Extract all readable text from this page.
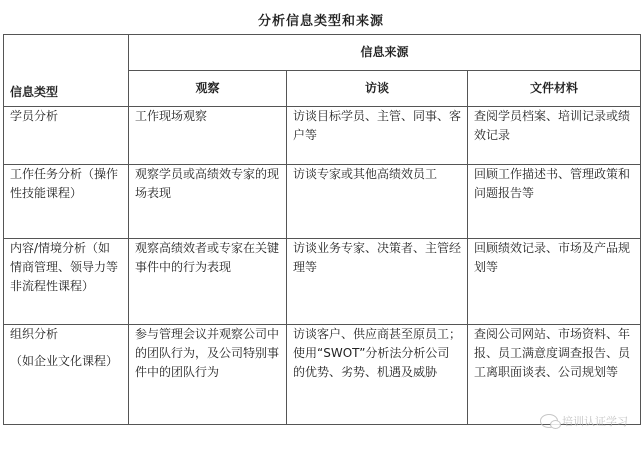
分析信息类型和来源
信息类型	信息来源		
	观察	访谈	文件材料

学员分析	工作现场观察	访谈目标学员、主管、同事、客户等	查阅学员档案、培训记录或绩效记录

工作任务分析（操作性技能课程）	观察学员或高绩效专家的现场表现	访谈专家或其他高绩效员工	回顾工作描述书、管理政策和问题报告等

内容/情境分析（如情商管理、领导力等非流程性课程）	观察高绩效者或专家在关键事件中的行为表现	访谈业务专家、决策者、主管经理等	回顾绩效记录、市场及产品规划等

组织分析
（如企业文化课程）	参与管理会议并观察公司中的团队行为，及公司特别事件中的团队行为	访谈客户、供应商甚至原员工；使用“SWOT”分析法分析公司的优势、劣势、机遇及威胁	查阅公司网站、市场资料、年报、员工满意度调查报告、员工离职面谈表、公司规划等
培训认证学习
